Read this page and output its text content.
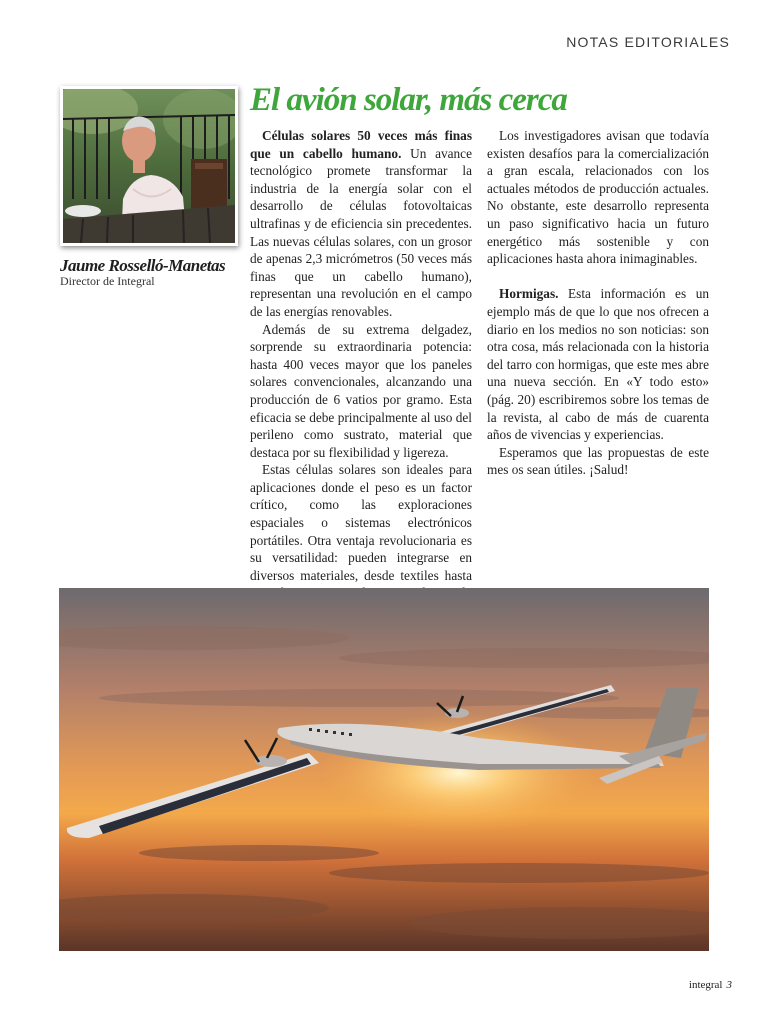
NOTAS EDITORIALES
Jaume Rosselló-Manetas
Director de Integral
El avión solar, más cerca

Células solares 50 veces más finas que un cabello humano. Un avance tecnológico promete transformar la industria de la energía solar con el desarrollo de células fotovoltaicas ultrafinas y de eficiencia sin precedentes. Las nuevas células solares, con un grosor de apenas 2,3 micrómetros (50 veces más finas que un cabello humano), representan una revolución en el campo de las energías renovables.

Además de su extrema delgadez, sorprende su extraordinaria potencia: hasta 400 veces mayor que los paneles solares convencionales, alcanzando una producción de 6 vatios por gramo. Esta eficacia se debe principalmente al uso del perileno como sustrato, material que destaca por su flexibilidad y ligereza.

Estas células solares son ideales para aplicaciones donde el peso es un factor crítico, como las exploraciones espaciales o sistemas electrónicos portátiles. Otra ventaja revolucionaria es su versatilidad: pueden integrarse en diversos materiales, desde textiles hasta

Los investigadores avisan que todavía existen desafíos para la comercialización a gran escala, relacionados con los actuales métodos de producción actuales. No obstante, este desarrollo representa un paso significativo hacia un futuro energético más sostenible y con aplicaciones hasta ahora inimaginables.

Hormigas. Esta información es un ejemplo más de que lo que nos ofrecen a diario en los medios no son noticias: son otra cosa, más relacionada con la historia del tarro con hormigas, que este mes abre una nueva sección. En «Y todo esto» (pág. 20) escribiremos sobre los temas de la revista, al cabo de más de cuarenta años de vivencias y experiencias.

Esperamos que las propuestas de este mes os sean útiles. ¡Salud!

integral 3
